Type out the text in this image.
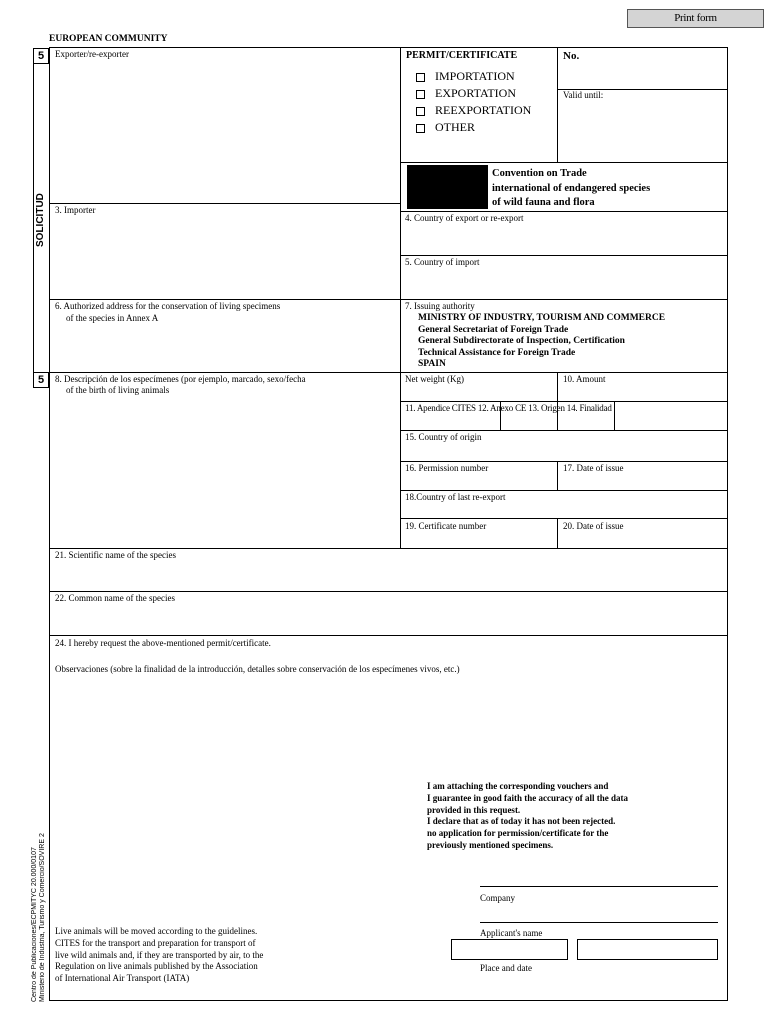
Print form
EUROPEAN COMMUNITY
5
5
SOLICITUD
Exporter/re-exporter
3. Importer
6. Authorized address for the conservation of living specimens
of the species in Annex A
8. Descripción de los especímenes (por ejemplo, marcado, sexo/fecha
of the birth of living animals
PERMIT/CERTIFICATE	No.
Valid until:
IMPORTATION
EXPORTATION
REEXPORTATION
OTHER
Convention on Trade
international of endangered species
of wild fauna and flora
4. Country of export or re-export
5. Country of import
7. Issuing authority
MINISTRY OF INDUSTRY, TOURISM AND COMMERCE
General Secretariat of Foreign Trade
General Subdirectorate of Inspection, Certification
Technical Assistance for Foreign Trade
SPAIN
Net weight (Kg)	10. Amount
11. Apendice CITES 12. Anexo CE 13. Origen 14. Finalidad
15. Country of origin
16. Permission number	17. Date of issue
18.Country of last re-export
19. Certificate number	20. Date of issue
21. Scientific name of the species
22. Common name of the species
24. I hereby request the above-mentioned permit/certificate.
Observaciones (sobre la finalidad de la introducción, detalles sobre conservación de los especímenes vivos, etc.)
I am attaching the corresponding vouchers and
I guarantee in good faith the accuracy of all the data
provided in this request.
I declare that as of today it has not been rejected.
no application for permission/certificate for the
previously mentioned specimens.
Company
Applicant's name
Place and date
Live animals will be moved according to the guidelines.
CITES for the transport and preparation for transport of
live wild animals and, if they are transported by air, to the
Regulation on live animals published by the Association
of International Air Transport (IATA)
Centro de Publicaciones/ECPMITYC 20.000/0107 Ministerio de Industria, Turismo y Comercio/SOVIRE 2
